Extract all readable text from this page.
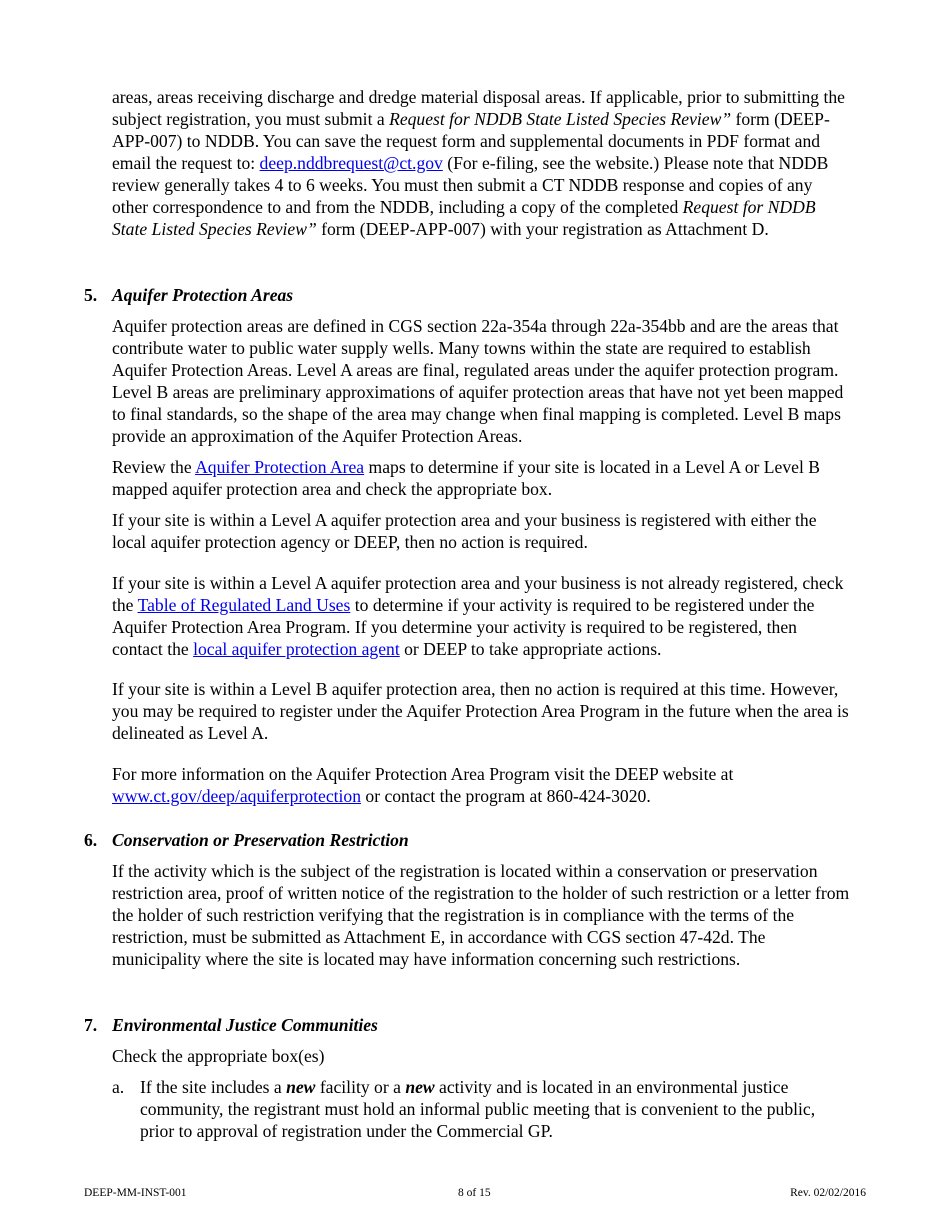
areas, areas receiving discharge and dredge material disposal areas. If applicable, prior to submitting the subject registration, you must submit a Request for NDDB State Listed Species Review” form (DEEP-APP-007) to NDDB. You can save the request form and supplemental documents in PDF format and email the request to: deep.nddbrequest@ct.gov (For e-filing, see the website.) Please note that NDDB review generally takes 4 to 6 weeks. You must then submit a CT NDDB response and copies of any other correspondence to and from the NDDB, including a copy of the completed Request for NDDB State Listed Species Review” form (DEEP-APP-007) with your registration as Attachment D.

5. Aquifer Protection Areas

Aquifer protection areas are defined in CGS section 22a-354a through 22a-354bb and are the areas that contribute water to public water supply wells. Many towns within the state are required to establish Aquifer Protection Areas. Level A areas are final, regulated areas under the aquifer protection program. Level B areas are preliminary approximations of aquifer protection areas that have not yet been mapped to final standards, so the shape of the area may change when final mapping is completed. Level B maps provide an approximation of the Aquifer Protection Areas.

Review the Aquifer Protection Area maps to determine if your site is located in a Level A or Level B mapped aquifer protection area and check the appropriate box.

If your site is within a Level A aquifer protection area and your business is registered with either the local aquifer protection agency or DEEP, then no action is required.

If your site is within a Level A aquifer protection area and your business is not already registered, check the Table of Regulated Land Uses to determine if your activity is required to be registered under the Aquifer Protection Area Program. If you determine your activity is required to be registered, then contact the local aquifer protection agent or DEEP to take appropriate actions.

If your site is within a Level B aquifer protection area, then no action is required at this time. However, you may be required to register under the Aquifer Protection Area Program in the future when the area is delineated as Level A.

For more information on the Aquifer Protection Area Program visit the DEEP website at www.ct.gov/deep/aquiferprotection or contact the program at 860-424-3020.

6. Conservation or Preservation Restriction

If the activity which is the subject of the registration is located within a conservation or preservation restriction area, proof of written notice of the registration to the holder of such restriction or a letter from the holder of such restriction verifying that the registration is in compliance with the terms of the restriction, must be submitted as Attachment E, in accordance with CGS section 47-42d. The municipality where the site is located may have information concerning such restrictions.

7. Environmental Justice Communities

Check the appropriate box(es)

a. If the site includes a new facility or a new activity and is located in an environmental justice community, the registrant must hold an informal public meeting that is convenient to the public, prior to approval of registration under the Commercial GP.
DEEP-MM-INST-001	8 of 15	Rev. 02/02/2016
